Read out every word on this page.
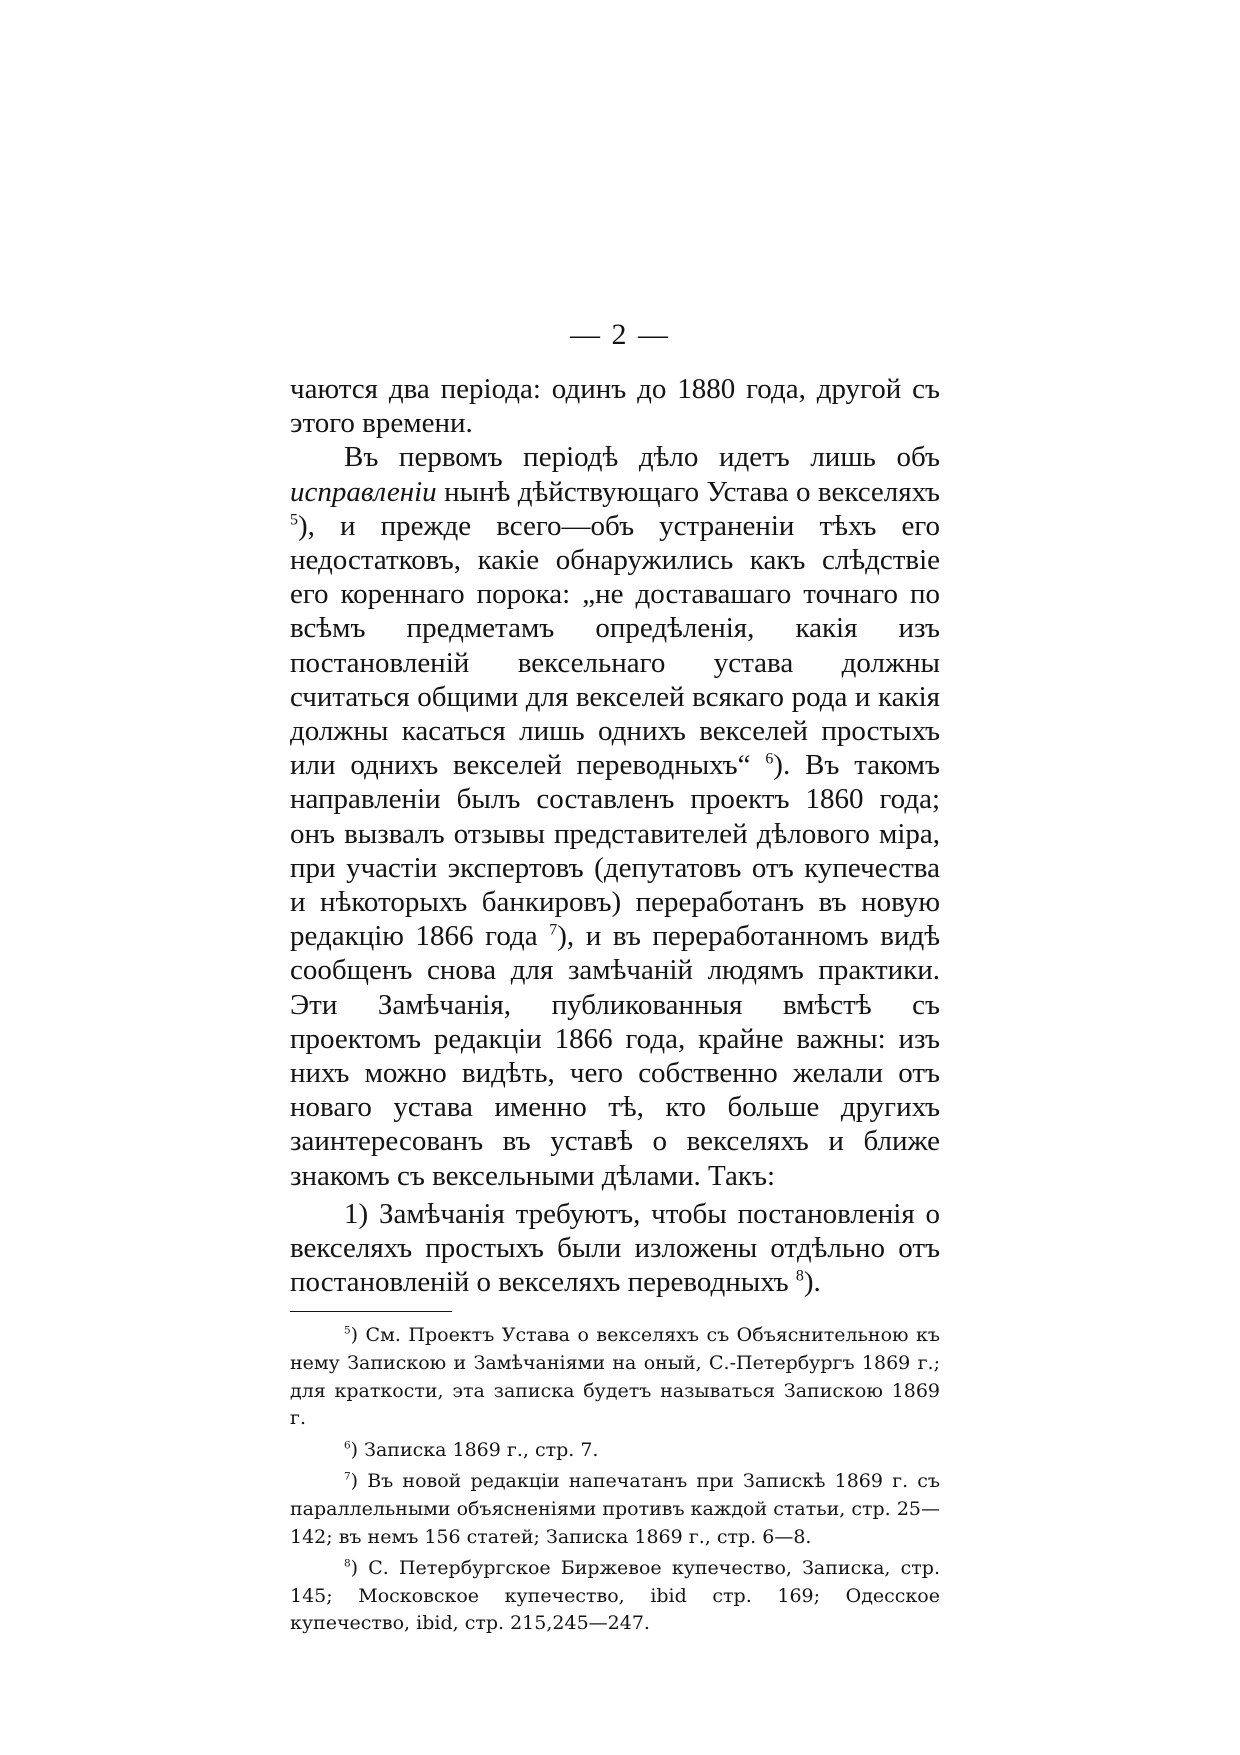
— 2 —

чаются два періода: одинъ до 1880 года, другой съ этого времени.

Въ первомъ періодѣ дѣло идетъ лишь объ исправленіи нынѣ дѣйствующаго Устава о векселяхъ $^5$), и прежде всего—объ устраненіи тѣхъ его недостатковъ, какіе обнаружились какъ слѣдствіе его кореннаго порока: „не доставашаго точнаго по всѣмъ предметамъ опредѣленія, какія изъ постановленій вексельнаго устава должны считаться общими для векселей всякаго рода и какія должны касаться лишь однихъ векселей простыхъ или однихъ векселей переводныхъ“ $^6$). Въ такомъ направленіи былъ составленъ проектъ 1860 года; онъ вызвалъ отзывы представителей дѣлового міра, при участіи экспертовъ (депутатовъ отъ купечества и нѣкоторыхъ банкировъ) переработанъ въ новую редакцію 1866 года $^7$), и въ переработанномъ видѣ сообщенъ снова для замѣчаній людямъ практики. Эти Замѣчанія, публикованныя вмѣстѣ съ проектомъ редакціи 1866 года, крайне важны: изъ нихъ можно видѣть, чего собственно желали отъ новаго устава именно тѣ, кто больше другихъ заинтересованъ въ уставѣ о векселяхъ и ближе знакомъ съ вексельными дѣлами. Такъ:

1) Замѣчанія требуютъ, чтобы постановленія о векселяхъ простыхъ были изложены отдѣльно отъ постановленій о векселяхъ переводныхъ $^8$).

$^5$) См. Проектъ Устава о векселяхъ съ Объяснительною къ нему Запискою и Замѣчаніями на оный, С.-Петербургъ 1869 г.; для краткости, эта записка будетъ называться Запискою 1869 г.

$^6$) Записка 1869 г., стр. 7.

$^7$) Въ новой редакціи напечатанъ при Запискѣ 1869 г. съ параллельными объясненіями противъ каждой статьи, стр. 25—142; въ немъ 156 статей; Записка 1869 г., стр. 6—8.

$^8$) С. Петербургское Биржевое купечество, Записка, стр. 145; Московское купечество, ibid стр. 169; Одесское купечество, ibid, стр. 215,245—247.
